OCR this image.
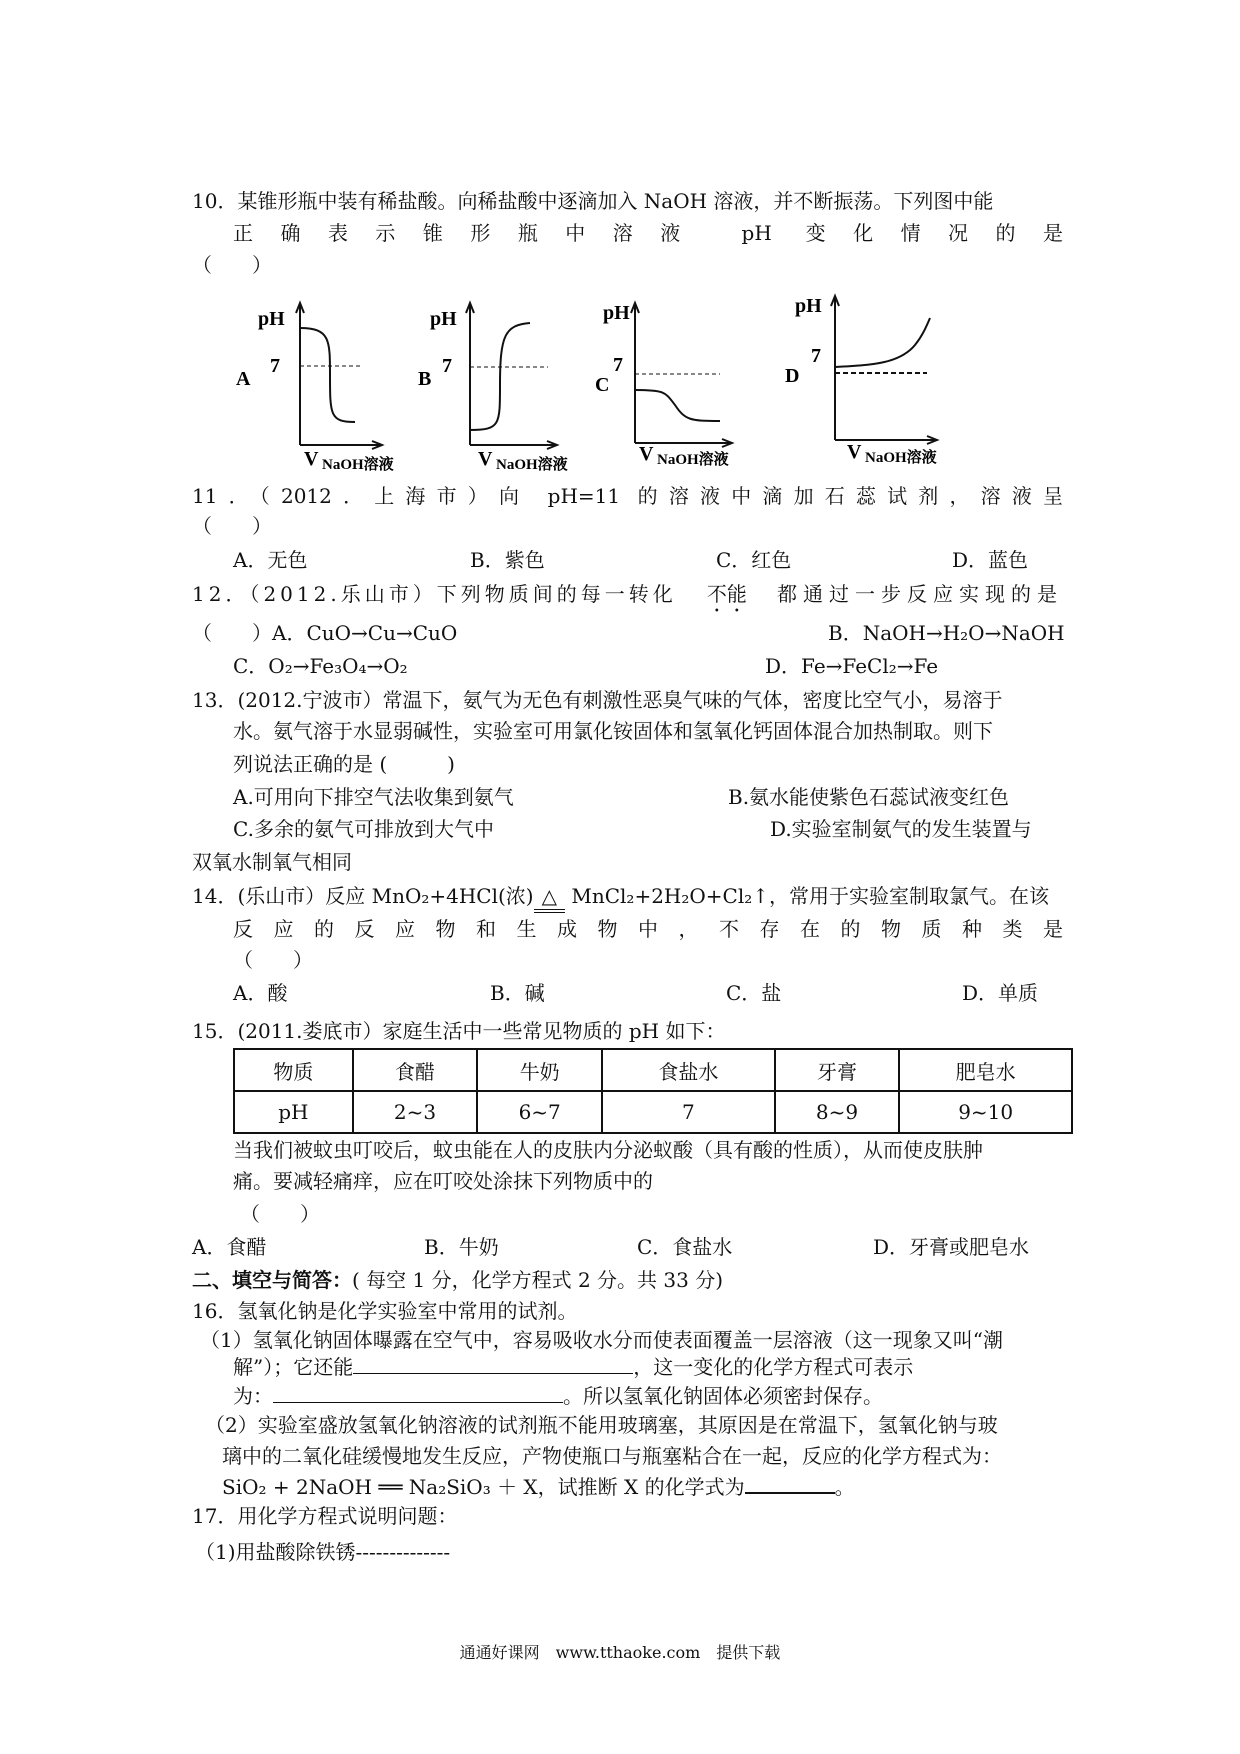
10．某锥形瓶中装有稀盐酸。向稀盐酸中逐滴加入 NaOH 溶液，并不断振荡。下列图中能
正确表示锥形瓶中溶液 pH 变化情况的是
（　　）
pH
A
7
V NaOH溶液
pH
B
7
V NaOH溶液
pH
C
7
V NaOH溶液
pH
D
7
V NaOH溶液
11．（2012．上海市）向 pH=11 的溶液中滴加石蕊试剂，溶液呈
（　　）
A．无色	B．紫色	C．红色	D．蓝色
12．（2012.乐山市）下列物质间的每一转化 不能 都通过一步反应实现的是
（　　）A．CuO→Cu→CuO	B．NaOH→H₂O→NaOH
C．O₂→Fe₃O₄→O₂	D．Fe→FeCl₂→Fe
13．(2012.宁波市）常温下，氨气为无色有刺激性恶臭气味的气体，密度比空气小，易溶于
水。氨气溶于水显弱碱性，实验室可用氯化铵固体和氢氧化钙固体混合加热制取。则下
列说法正确的是 (　　　)
A.可用向下排空气法收集到氨气	B.氨水能使紫色石蕊试液变红色
C.多余的氨气可排放到大气中	D.实验室制氨气的发生装置与
双氧水制氧气相同
14．(乐山市）反应 MnO₂+4HCl(浓) △ MnCl₂+2H₂O+Cl₂↑，常用于实验室制取氯气。在该
反应的反应物和生成物中，不存在的物质种类是
（　　）
A．酸	B．碱	C．盐	D．单质
15．(2011.娄底市）家庭生活中一些常见物质的 pH 如下：
物质	食醋	牛奶	食盐水	牙膏	肥皂水
pH	2~3	6~7	7	8~9	9~10
当我们被蚊虫叮咬后，蚊虫能在人的皮肤内分泌蚁酸（具有酸的性质），从而使皮肤肿
痛。要减轻痛痒，应在叮咬处涂抹下列物质中的
（　　）
A．食醋	B．牛奶	C．食盐水	D．牙膏或肥皂水
二、填空与简答：( 每空 1 分，化学方程式 2 分。共 33 分)
16．氢氧化钠是化学实验室中常用的试剂。
（1）氢氧化钠固体曝露在空气中，容易吸收水分而使表面覆盖一层溶液（这一现象又叫“潮
解”）；它还能	，这一变化的化学方程式可表示
为：	。所以氢氧化钠固体必须密封保存。
（2）实验室盛放氢氧化钠溶液的试剂瓶不能用玻璃塞，其原因是在常温下，氢氧化钠与玻
璃中的二氧化硅缓慢地发生反应，产物使瓶口与瓶塞粘合在一起，反应的化学方程式为：
SiO₂ + 2NaOH ══ Na₂SiO₃ ＋ X，试推断 X 的化学式为	。
17．用化学方程式说明问题：
（1)用盐酸除铁锈--------------
通通好课网　www.tthaoke.com　提供下载
